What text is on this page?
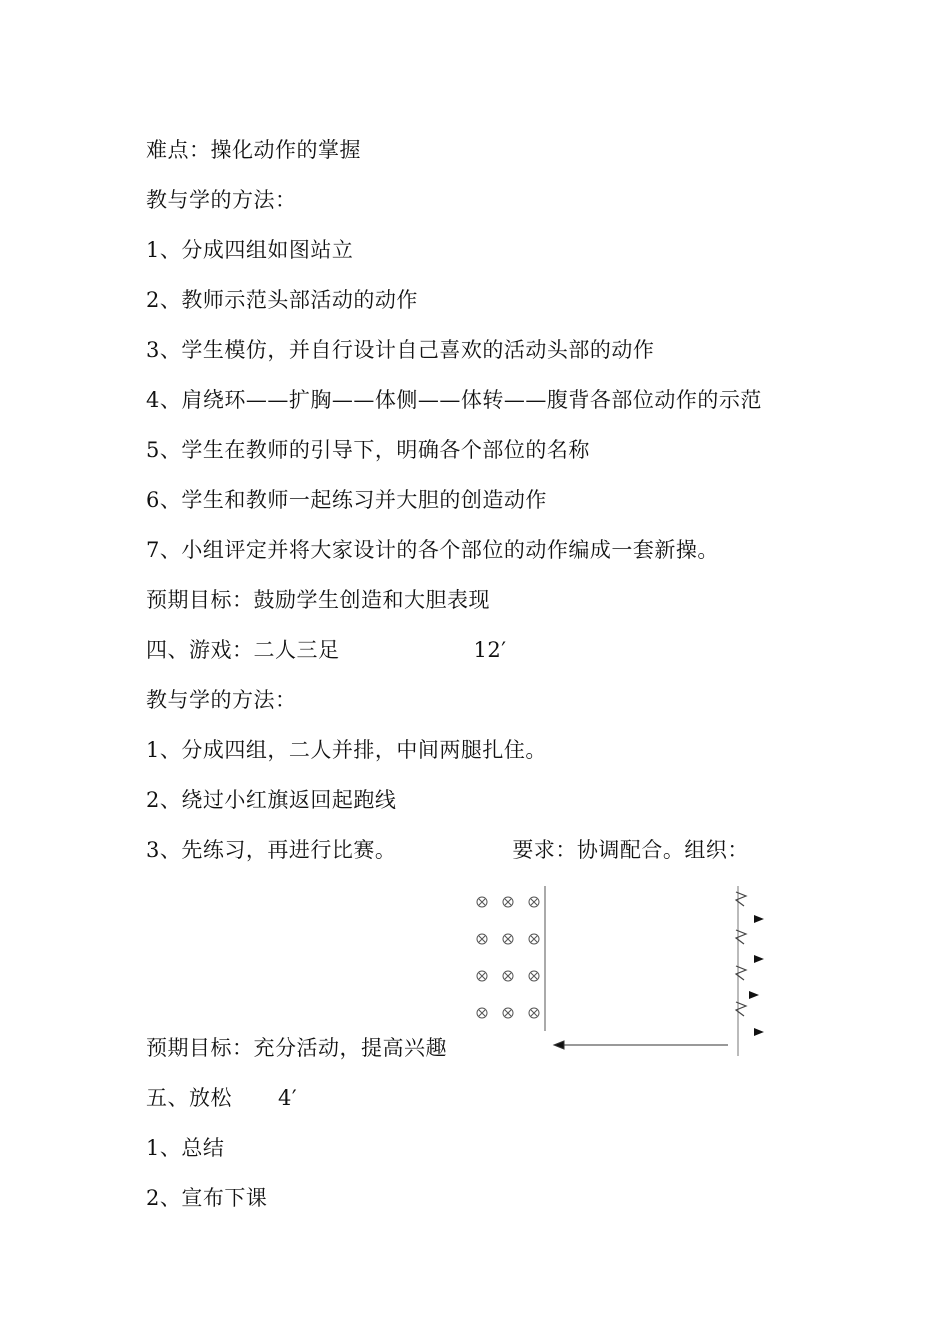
难点：操化动作的掌握
教与学的方法：
1、分成四组如图站立
2、教师示范头部活动的动作
3、学生模仿，并自行设计自己喜欢的活动头部的动作
4、肩绕环——扩胸——体侧——体转——腹背各部位动作的示范
5、学生在教师的引导下，明确各个部位的名称
6、学生和教师一起练习并大胆的创造动作
7、小组评定并将大家设计的各个部位的动作编成一套新操。
预期目标：鼓励学生创造和大胆表现
四、游戏：二人三足	12′
教与学的方法：
1、分成四组，二人并排，中间两腿扎住。
2、绕过小红旗返回起跑线
3、先练习，再进行比赛。	要求：协调配合。组织：
预期目标：充分活动，提高兴趣
五、放松 4′
1、总结
2、宣布下课
